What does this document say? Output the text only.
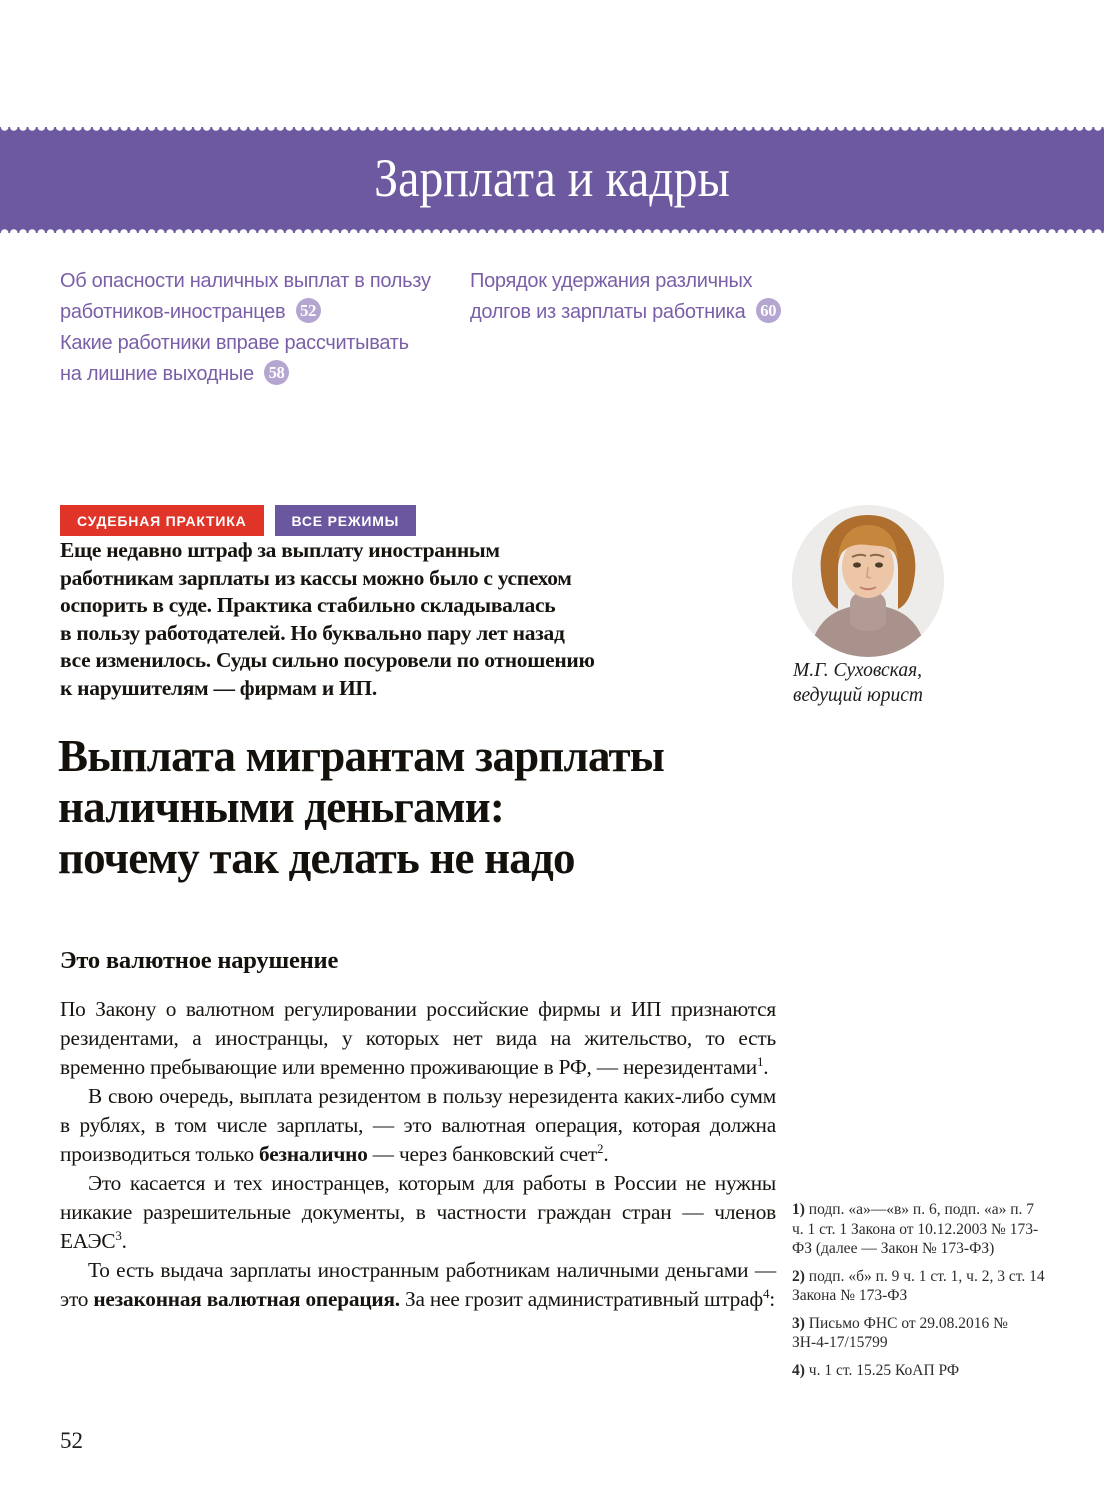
Зарплата и кадры
Об опасности наличных выплат в пользу работников-иностранцев 52
Какие работники вправе рассчитывать на лишние выходные 58
Порядок удержания различных долгов из зарплаты работника 60
СУДЕБНАЯ ПРАКТИКА	ВСЕ РЕЖИМЫ
Еще недавно штраф за выплату иностранным
работникам зарплаты из кассы можно было с успехом
оспорить в суде. Практика стабильно складывалась
в пользу работодателей. Но буквально пару лет назад
все изменилось. Суды сильно посуровели по отношению
к нарушителям — фирмам и ИП.
М.Г. Суховская,
ведущий юрист
Выплата мигрантам зарплаты
наличными деньгами:
почему так делать не надо
Это валютное нарушение

По Закону о валютном регулировании российские фирмы и ИП признаются резидентами, а иностранцы, у которых нет вида на жительство, то есть временно пребывающие или временно проживающие в РФ, — нерезидентами$^1$.

В свою очередь, выплата резидентом в пользу нерезидента каких-либо сумм в рублях, в том числе зарплаты, — это валютная операция, которая должна производиться только безналично — через банковский счет$^2$.

Это касается и тех иностранцев, которым для работы в России не нужны никакие разрешительные документы, в частности граждан стран — членов ЕАЭС$^3$.

То есть выдача зарплаты иностранным работникам наличными деньгами — это незаконная валютная операция. За нее грозит административный штраф$^4$:

1) подп. «а»—«в» п. 6, подп. «а» п. 7 ч. 1 ст. 1 Закона от 10.12.2003 № 173-ФЗ (далее — Закон № 173-ФЗ)
2) подп. «б» п. 9 ч. 1 ст. 1, ч. 2, 3 ст. 14 Закона № 173-ФЗ
3) Письмо ФНС от 29.08.2016 № ЗН-4-17/15799
4) ч. 1 ст. 15.25 КоАП РФ
52
